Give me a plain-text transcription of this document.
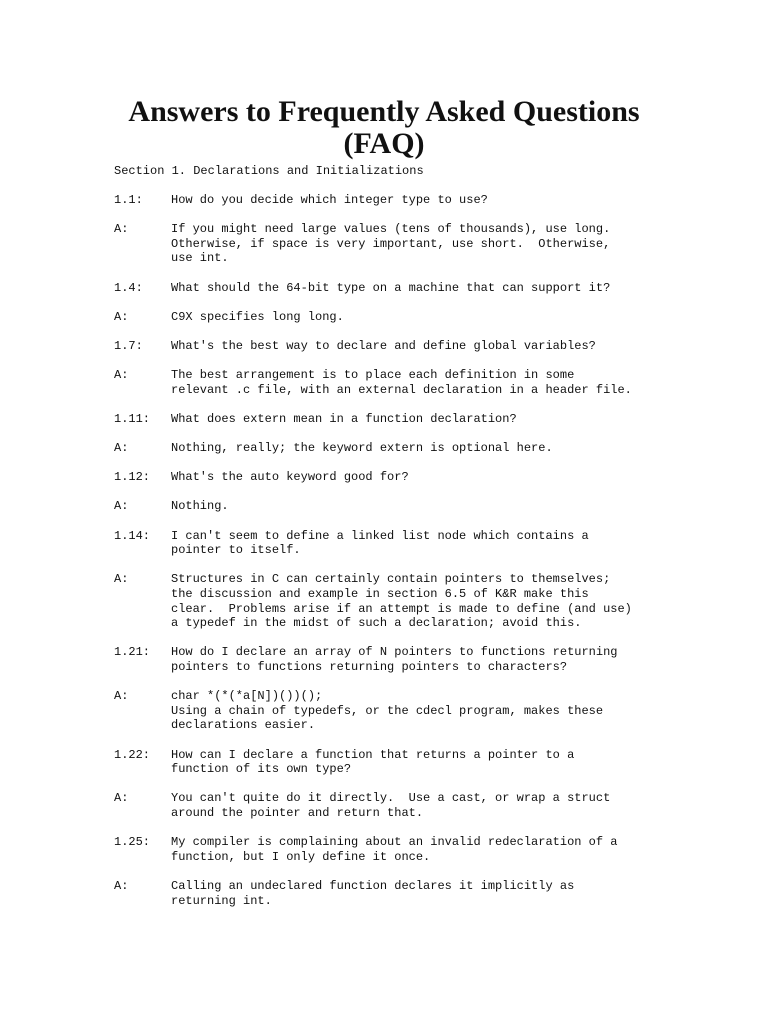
Answers to Frequently Asked Questions
(FAQ)
Section 1. Declarations and Initializations
1.1:	How do you decide which integer type to use?
A:	If you might need large values (tens of thousands), use long.
Otherwise, if space is very important, use short.  Otherwise,
use int.
1.4:	What should the 64-bit type on a machine that can support it?
A:	C9X specifies long long.
1.7:	What's the best way to declare and define global variables?
A:	The best arrangement is to place each definition in some
relevant .c file, with an external declaration in a header file.
1.11:	What does extern mean in a function declaration?
A:	Nothing, really; the keyword extern is optional here.
1.12:	What's the auto keyword good for?
A:	Nothing.
1.14:	I can't seem to define a linked list node which contains a
pointer to itself.
A:	Structures in C can certainly contain pointers to themselves;
the discussion and example in section 6.5 of K&R make this
clear.  Problems arise if an attempt is made to define (and use)
a typedef in the midst of such a declaration; avoid this.
1.21:	How do I declare an array of N pointers to functions returning
pointers to functions returning pointers to characters?
A:	char *(*(*a[N])())();
Using a chain of typedefs, or the cdecl program, makes these
declarations easier.
1.22:	How can I declare a function that returns a pointer to a
function of its own type?
A:	You can't quite do it directly.  Use a cast, or wrap a struct
around the pointer and return that.
1.25:	My compiler is complaining about an invalid redeclaration of a
function, but I only define it once.
A:	Calling an undeclared function declares it implicitly as
returning int.
